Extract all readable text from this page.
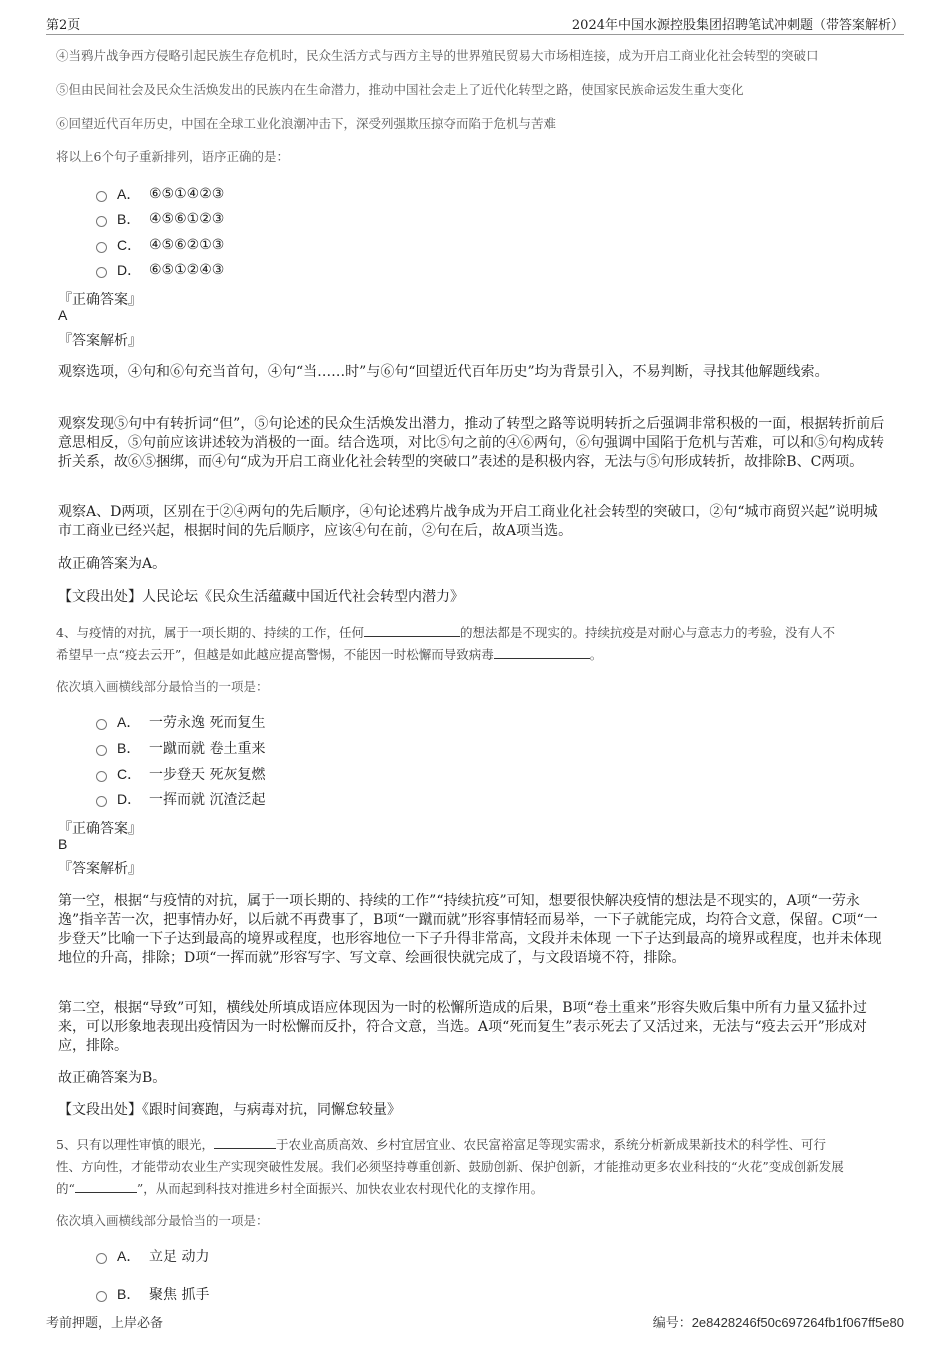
第2页	2024年中国水源控股集团招聘笔试冲刺题（带答案解析）
④当鸦片战争西方侵略引起民族生存危机时，民众生活方式与西方主导的世界殖民贸易大市场相连接，成为开启工商业化社会转型的突破口
⑤但由民间社会及民众生活焕发出的民族内在生命潜力，推动中国社会走上了近代化转型之路，使国家民族命运发生重大变化
⑥回望近代百年历史，中国在全球工业化浪潮冲击下，深受列强欺压掠夺而陷于危机与苦难
将以上6个句子重新排列，语序正确的是：
A． ⑥⑤①④②③
B． ④⑤⑥①②③
C． ④⑤⑥②①③
D． ⑥⑤①②④③
『正确答案』
A
『答案解析』
观察选项，④句和⑥句充当首句，④句“当……时”与⑥句“回望近代百年历史”均为背景引入，不易判断，寻找其他解题线索。
观察发现⑤句中有转折词“但”，⑤句论述的民众生活焕发出潜力，推动了转型之路等说明转折之后强调非常积极的一面，根据转折前后意思相反，⑤句前应该讲述较为消极的一面。结合选项，对比⑤句之前的④⑥两句，⑥句强调中国陷于危机与苦难，可以和⑤句构成转折关系，故⑥⑤捆绑，而④句“成为开启工商业化社会转型的突破口”表述的是积极内容，无法与⑤句形成转折，故排除B、C两项。
观察A、D两项，区别在于②④两句的先后顺序，④句论述鸦片战争成为开启工商业化社会转型的突破口，②句“城市商贸兴起”说明城市工商业已经兴起，根据时间的先后顺序，应该④句在前，②句在后，故A项当选。
故正确答案为A。
【文段出处】人民论坛《民众生活蕴藏中国近代社会转型内潜力》
4、与疫情的对抗，属于一项长期的、持续的工作，任何	的想法都是不现实的。持续抗疫是对耐心与意志力的考验，没有人不
希望早一点“疫去云开”，但越是如此越应提高警惕，不能因一时松懈而导致病毒	。
依次填入画横线部分最恰当的一项是：
A． 一劳永逸 死而复生
B． 一蹴而就 卷土重来
C． 一步登天 死灰复燃
D． 一挥而就 沉渣泛起
『正确答案』
B
『答案解析』
第一空，根据“与疫情的对抗，属于一项长期的、持续的工作”“持续抗疫”可知，想要很快解决疫情的想法是不现实的，A项“一劳永逸”指辛苦一次，把事情办好，以后就不再费事了，B项“一蹴而就”形容事情轻而易举，一下子就能完成，均符合文意，保留。C项“一步登天”比喻一下子达到最高的境界或程度，也形容地位一下子升得非常高，文段并未体现 一下子达到最高的境界或程度，也并未体现地位的升高，排除；D项“一挥而就”形容写字、写文章、绘画很快就完成了，与文段语境不符，排除。
第二空，根据“导致”可知，横线处所填成语应体现因为一时的松懈所造成的后果，B项“卷土重来”形容失败后集中所有力量又猛扑过来，可以形象地表现出疫情因为一时松懈而反扑，符合文意，当选。A项“死而复生”表示死去了又活过来，无法与“疫去云开”形成对应，排除。
故正确答案为B。
【文段出处】《跟时间赛跑，与病毒对抗，同懈怠较量》
5、只有以理性审慎的眼光，	于农业高质高效、乡村宜居宜业、农民富裕富足等现实需求，系统分析新成果新技术的科学性、可行
性、方向性，才能带动农业生产实现突破性发展。我们必须坚持尊重创新、鼓励创新、保护创新，才能推动更多农业科技的“火花”变成创新发展
的“	”，从而起到科技对推进乡村全面振兴、加快农业农村现代化的支撑作用。
依次填入画横线部分最恰当的一项是：
A． 立足 动力
B． 聚焦 抓手
考前押题，上岸必备	编号：2e8428246f50c697264fb1f067ff5e80
